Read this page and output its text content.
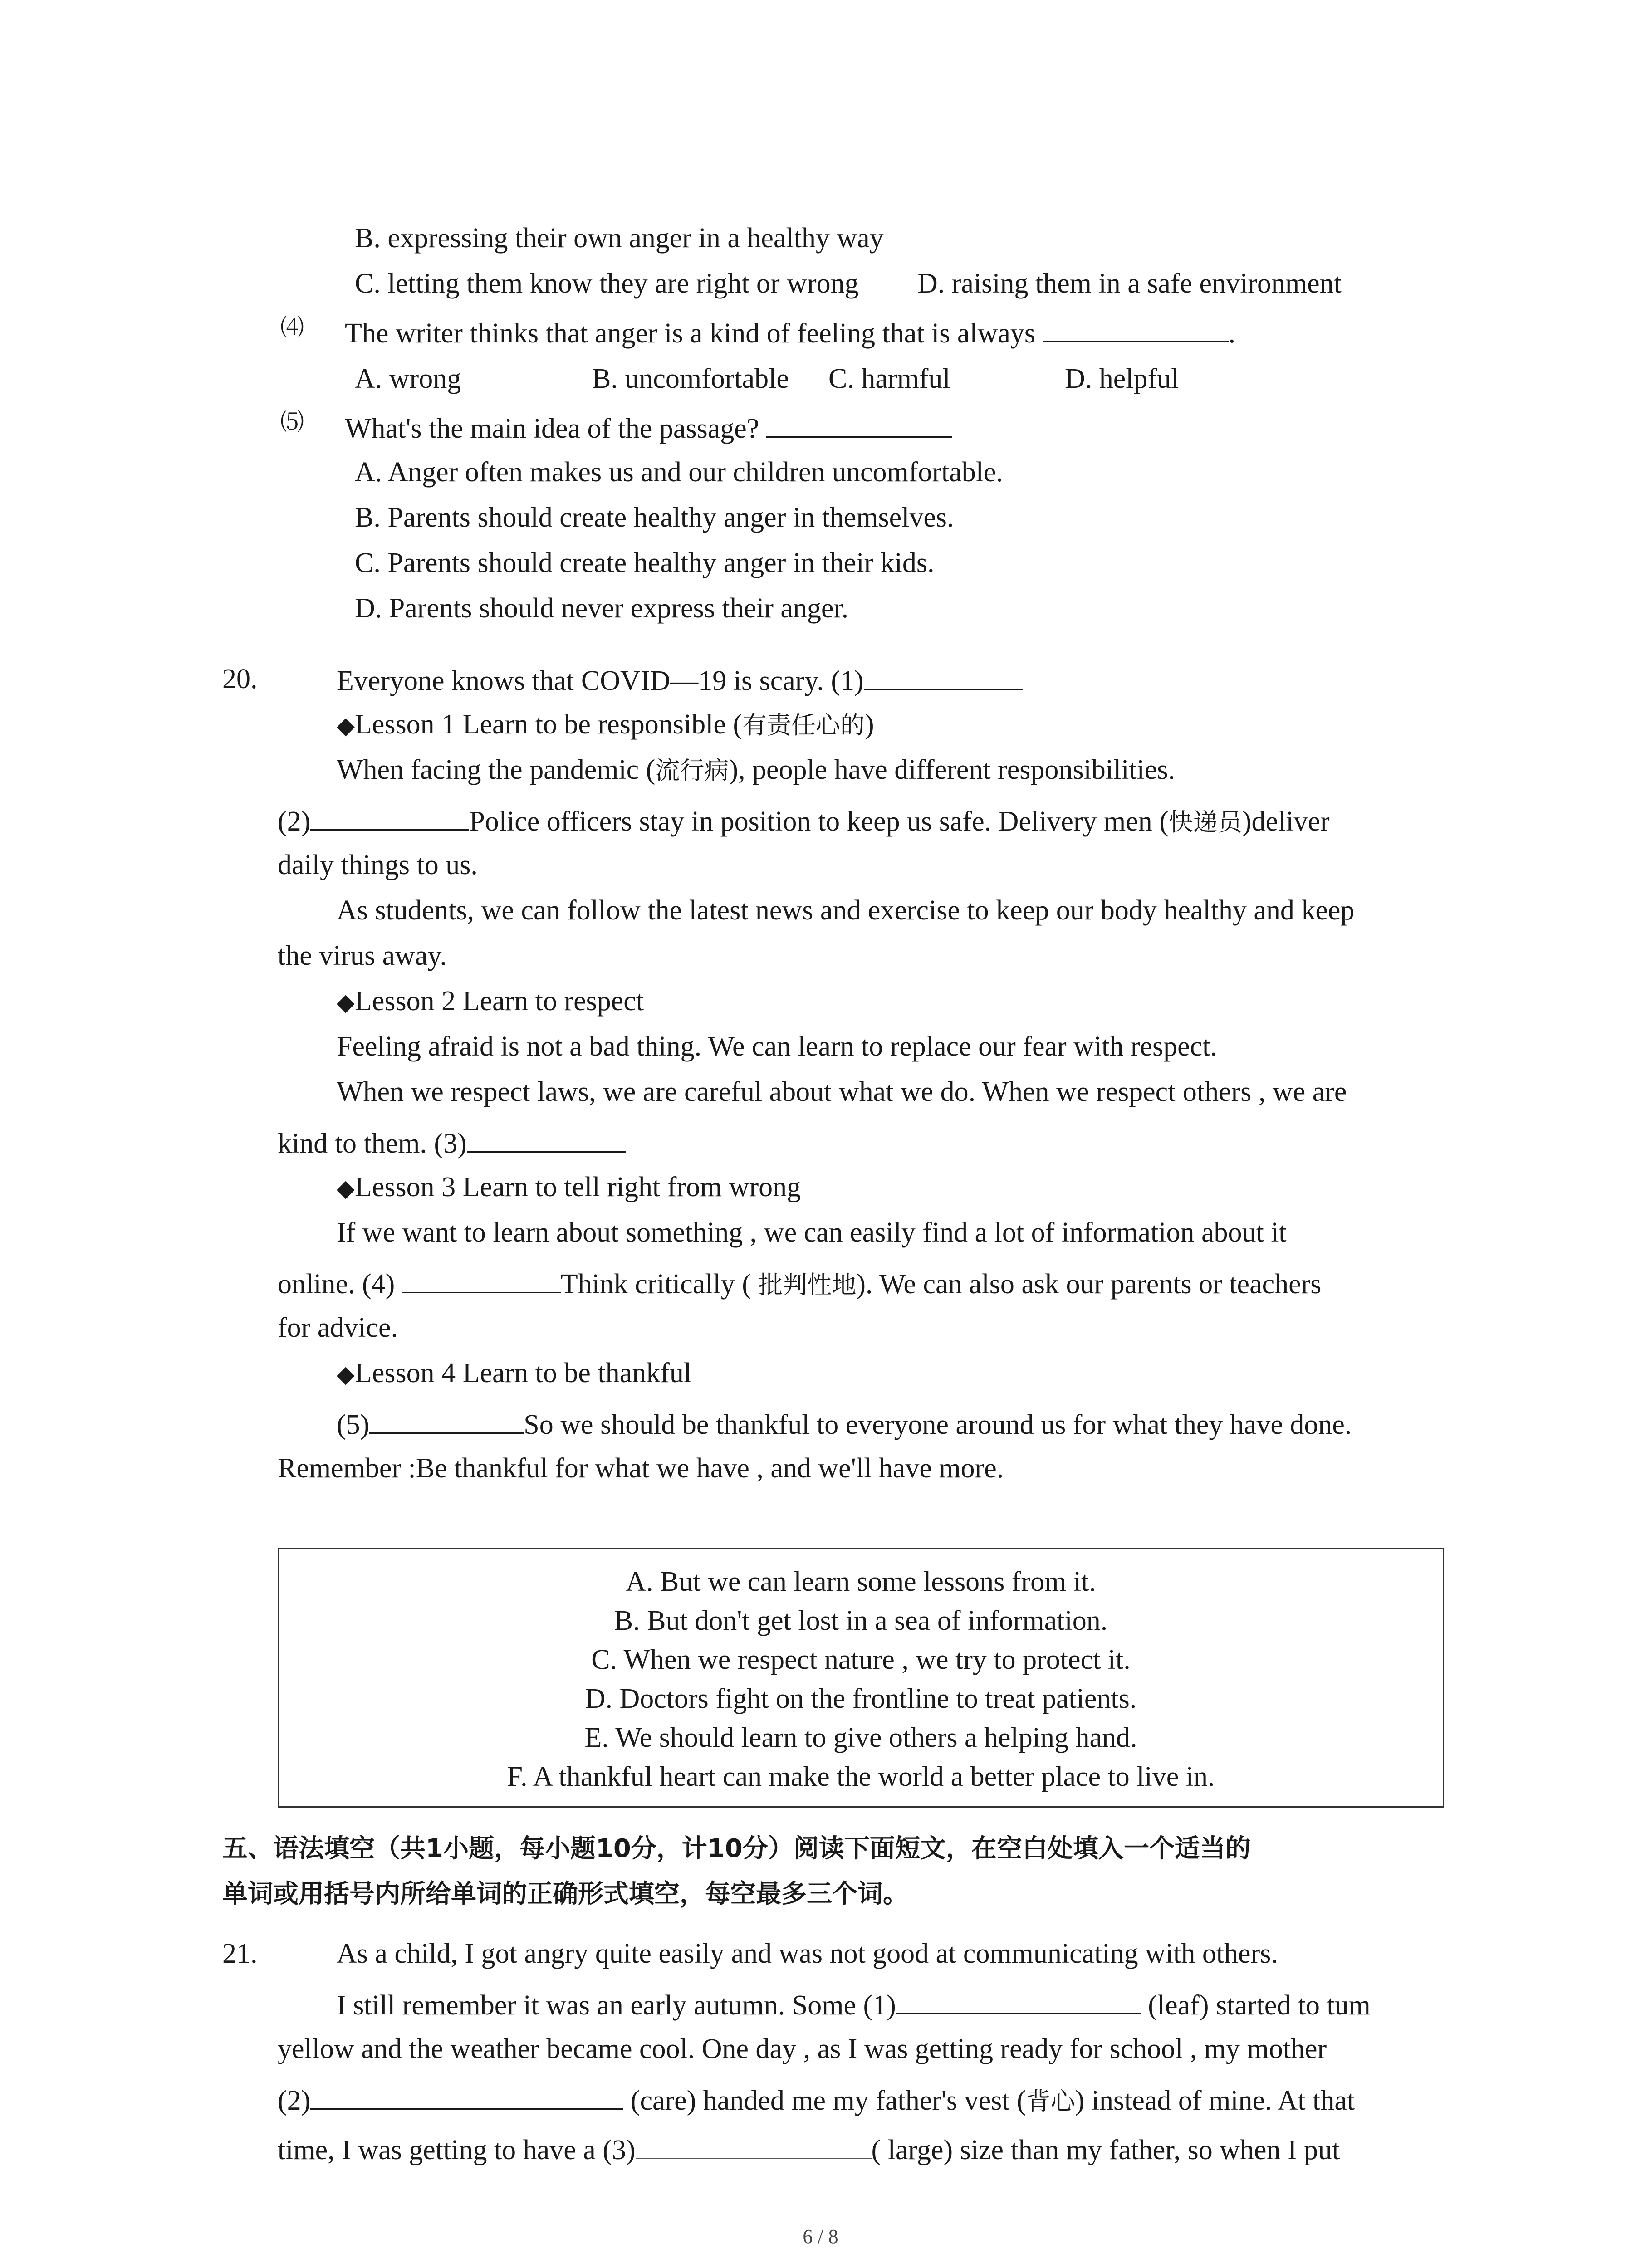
B. expressing their own anger in a healthy way
C. letting them know they are right or wrong D. raising them in a safe environment
⑷ The writer thinks that anger is a kind of feeling that is always	.
A. wrong	B. uncomfortable C. harmful	D. helpful
⑸ What's the main idea of the passage?
A. Anger often makes us and our children uncomfortable.
B. Parents should create healthy anger in themselves.
C. Parents should create healthy anger in their kids.
D. Parents should never express their anger.
20.	Everyone knows that COVID—19 is scary. (1)
◆Lesson 1 Learn to be responsible (有责任心的)
When facing the pandemic (流行病), people have different responsibilities.
(2)	Police officers stay in position to keep us safe. Delivery men (快递员)deliver
daily things to us.
As students, we can follow the latest news and exercise to keep our body healthy and keep
the virus away.
◆Lesson 2 Learn to respect
Feeling afraid is not a bad thing. We can learn to replace our fear with respect.
When we respect laws, we are careful about what we do. When we respect others , we are
kind to them. (3)
◆Lesson 3 Learn to tell right from wrong
If we want to learn about something , we can easily find a lot of information about it
online. (4)	Think critically ( 批判性地). We can also ask our parents or teachers
for advice.
◆Lesson 4 Learn to be thankful
(5)	So we should be thankful to everyone around us for what they have done.
Remember :Be thankful for what we have , and we'll have more.
A. But we can learn some lessons from it.
B. But don't get lost in a sea of information.
C. When we respect nature , we try to protect it.
D. Doctors fight on the frontline to treat patients.
E. We should learn to give others a helping hand.
F. A thankful heart can make the world a better place to live in.
五、语法填空（共1小题，每小题10分，计10分）阅读下面短文，在空白处填入一个适当的
单词或用括号内所给单词的正确形式填空，每空最多三个词。
21.	As a child, I got angry quite easily and was not good at communicating with others.
I still remember it was an early autumn. Some (1)	(leaf) started to tum
yellow and the weather became cool. One day , as I was getting ready for school , my mother
(2)	(care) handed me my father's vest (背心) instead of mine. At that
time, I was getting to have a (3)	( large) size than my father, so when I put
6 / 8
